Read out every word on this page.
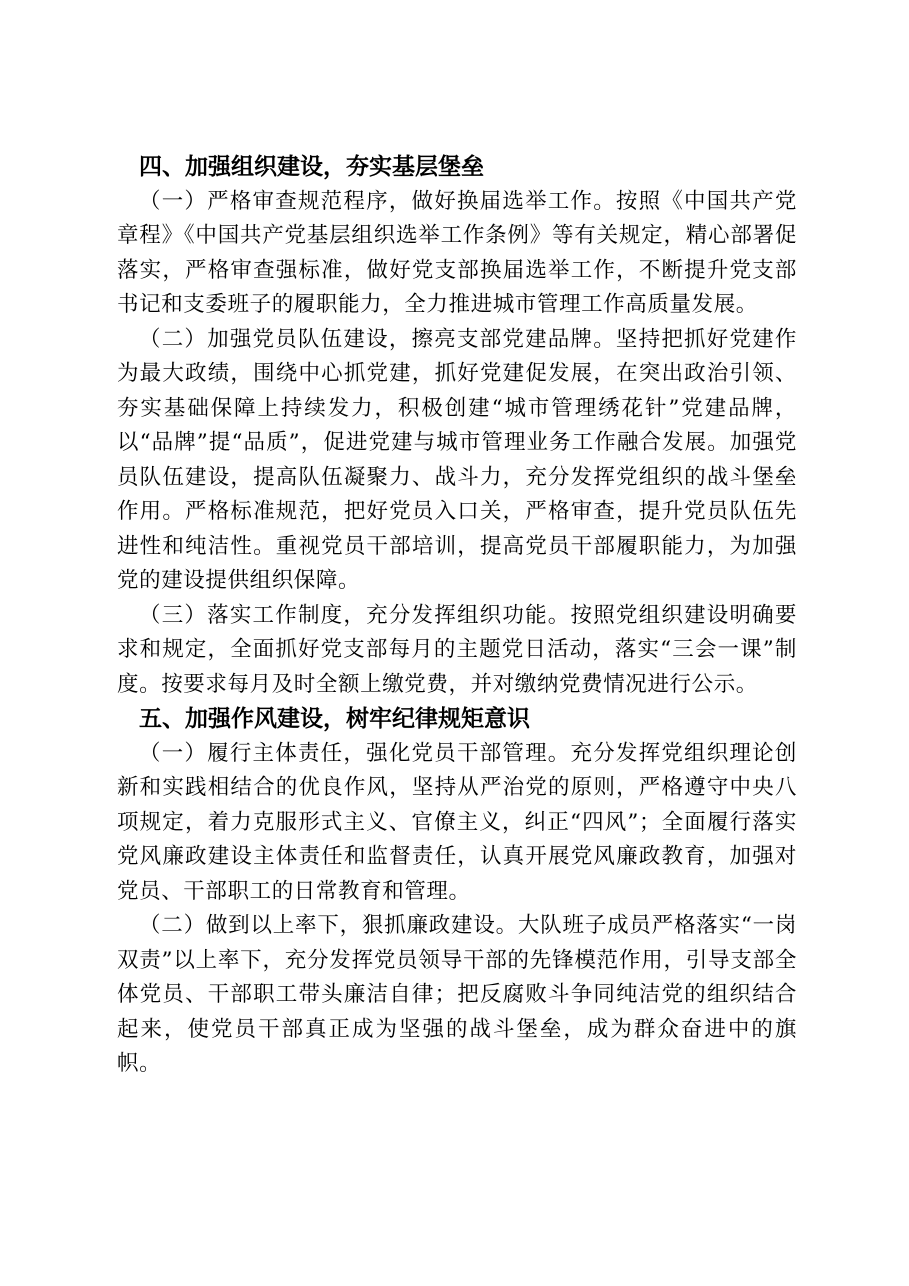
四、加强组织建设，夯实基层堡垒

（一）严格审查规范程序，做好换届选举工作。按照《中国共产党章程》《中国共产党基层组织选举工作条例》等有关规定，精心部署促落实，严格审查强标准，做好党支部换届选举工作，不断提升党支部书记和支委班子的履职能力，全力推进城市管理工作高质量发展。

（二）加强党员队伍建设，擦亮支部党建品牌。坚持把抓好党建作为最大政绩，围绕中心抓党建，抓好党建促发展，在突出政治引领、夯实基础保障上持续发力，积极创建“城市管理绣花针”党建品牌，以“品牌”提“品质”，促进党建与城市管理业务工作融合发展。加强党员队伍建设，提高队伍凝聚力、战斗力，充分发挥党组织的战斗堡垒作用。严格标准规范，把好党员入口关，严格审查，提升党员队伍先进性和纯洁性。重视党员干部培训，提高党员干部履职能力，为加强党的建设提供组织保障。

（三）落实工作制度，充分发挥组织功能。按照党组织建设明确要求和规定，全面抓好党支部每月的主题党日活动，落实“三会一课”制度。按要求每月及时全额上缴党费，并对缴纳党费情况进行公示。

五、加强作风建设，树牢纪律规矩意识

（一）履行主体责任，强化党员干部管理。充分发挥党组织理论创新和实践相结合的优良作风，坚持从严治党的原则，严格遵守中央八项规定，着力克服形式主义、官僚主义，纠正“四风”；全面履行落实党风廉政建设主体责任和监督责任，认真开展党风廉政教育，加强对党员、干部职工的日常教育和管理。

（二）做到以上率下，狠抓廉政建设。大队班子成员严格落实“一岗双责”以上率下，充分发挥党员领导干部的先锋模范作用，引导支部全体党员、干部职工带头廉洁自律；把反腐败斗争同纯洁党的组织结合起来，使党员干部真正成为坚强的战斗堡垒，成为群众奋进中的旗帜。
